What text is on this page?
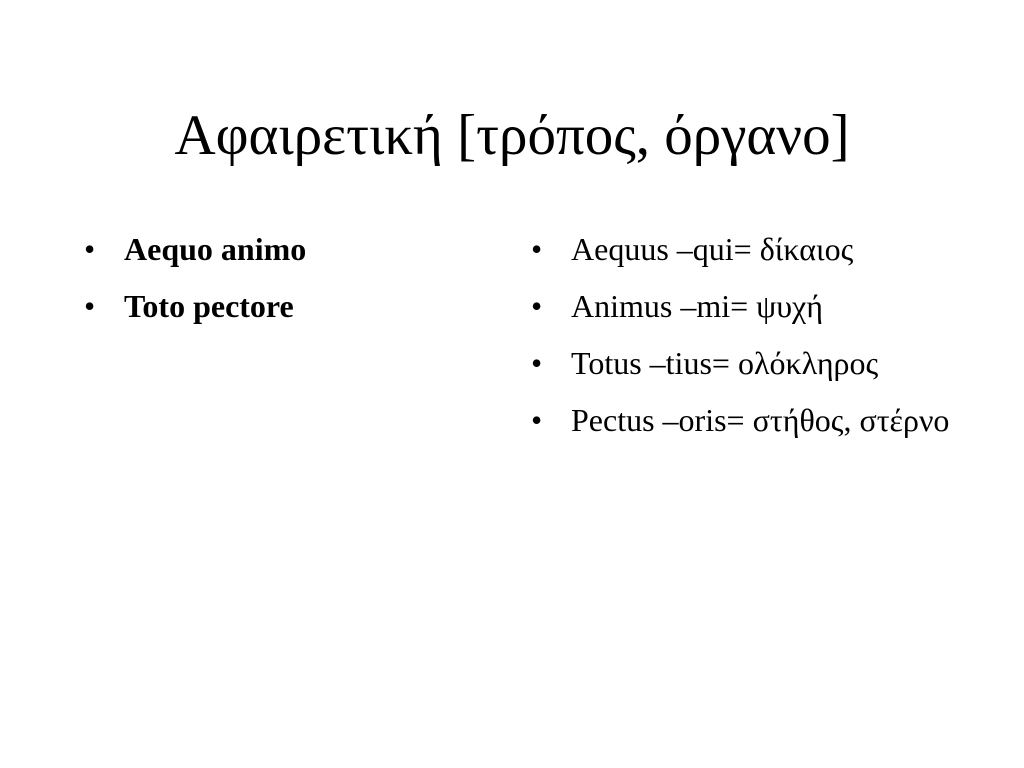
Αφαιρετική [τρόπος, όργανο]
• Aequo animo
• Toto pectore
• Aequus –qui= δίκαιος
• Animus –mi= ψυχή
• Totus –tius= ολόκληρος
• Pectus –oris= στήθος, στέρνο
